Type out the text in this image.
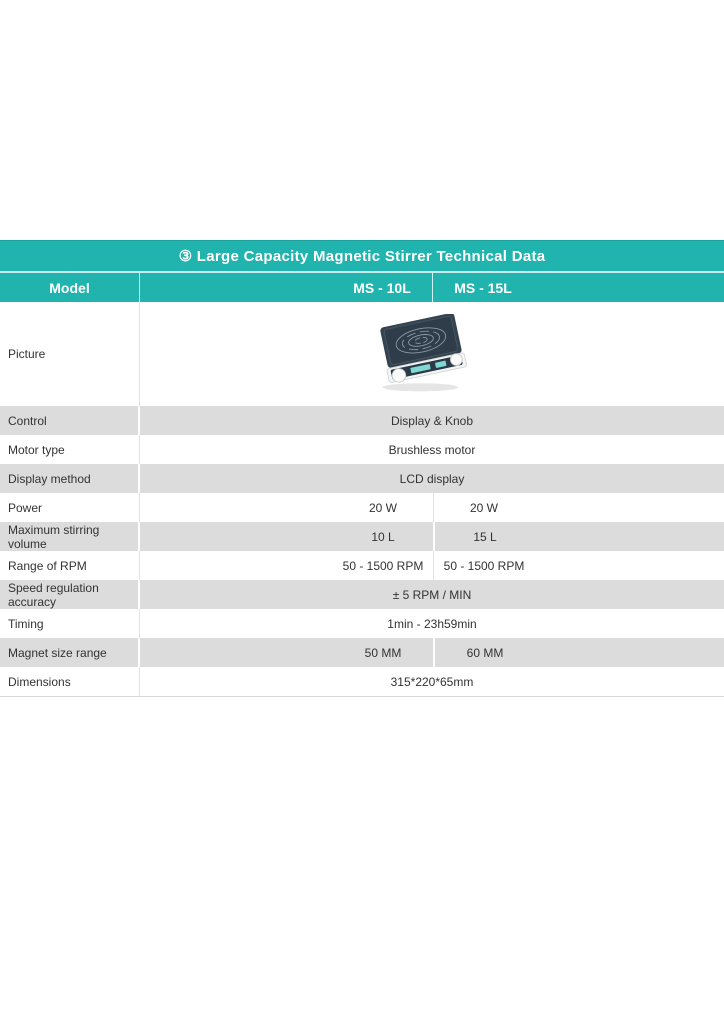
③ Large Capacity Magnetic Stirrer Technical Data
Model	MS - 10L	MS - 15L
Picture
Control	Display & Knob
Motor type	Brushless motor
Display method	LCD display
Power	20 W	20 W
Maximum stirring volume	10 L	15 L
Range of RPM	50 - 1500 RPM	50 - 1500 RPM
Speed regulation accuracy	± 5 RPM / MIN
Timing	1min - 23h59min
Magnet size range	50 MM	60 MM
Dimensions	315*220*65mm
